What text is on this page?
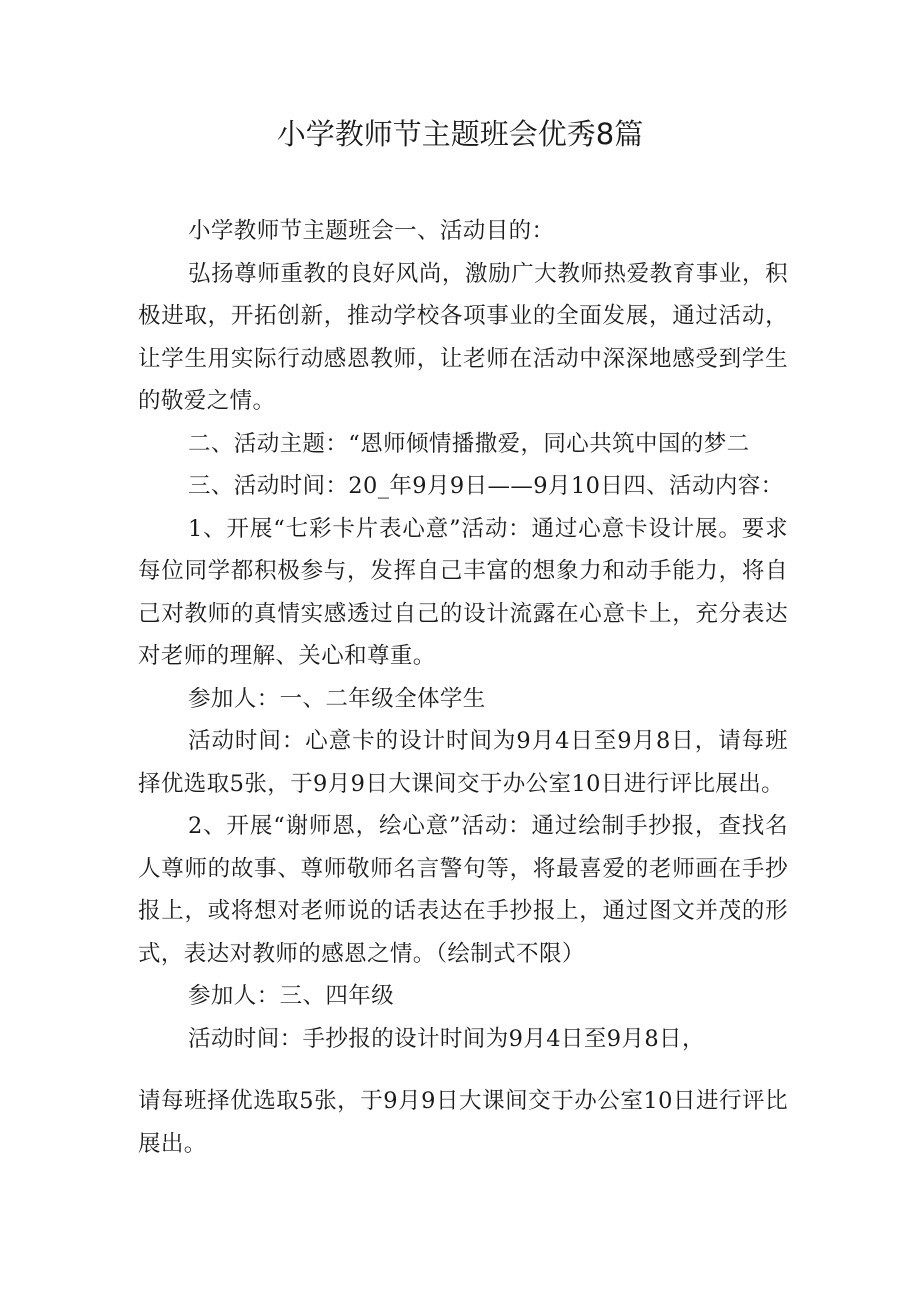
小学教师节主题班会优秀8篇

小学教师节主题班会一、活动目的：

弘扬尊师重教的良好风尚，激励广大教师热爱教育事业，积极进取，开拓创新，推动学校各项事业的全面发展，通过活动，让学生用实际行动感恩教师，让老师在活动中深深地感受到学生的敬爱之情。

二、活动主题：“恩师倾情播撒爱，同心共筑中国的梦二

三、活动时间：20_年9月9日——9月10日四、活动内容：

1、开展“七彩卡片表心意”活动：通过心意卡设计展。要求每位同学都积极参与，发挥自己丰富的想象力和动手能力，将自己对教师的真情实感透过自己的设计流露在心意卡上，充分表达对老师的理解、关心和尊重。

参加人：一、二年级全体学生

活动时间：心意卡的设计时间为9月4日至9月8日，请每班择优选取5张，于9月9日大课间交于办公室10日进行评比展出。

2、开展“谢师恩，绘心意”活动：通过绘制手抄报，查找名人尊师的故事、尊师敬师名言警句等，将最喜爱的老师画在手抄报上，或将想对老师说的话表达在手抄报上，通过图文并茂的形式，表达对教师的感恩之情。（绘制式不限）

参加人：三、四年级

活动时间：手抄报的设计时间为9月4日至9月8日，

请每班择优选取5张，于9月9日大课间交于办公室10日进行评比展出。
